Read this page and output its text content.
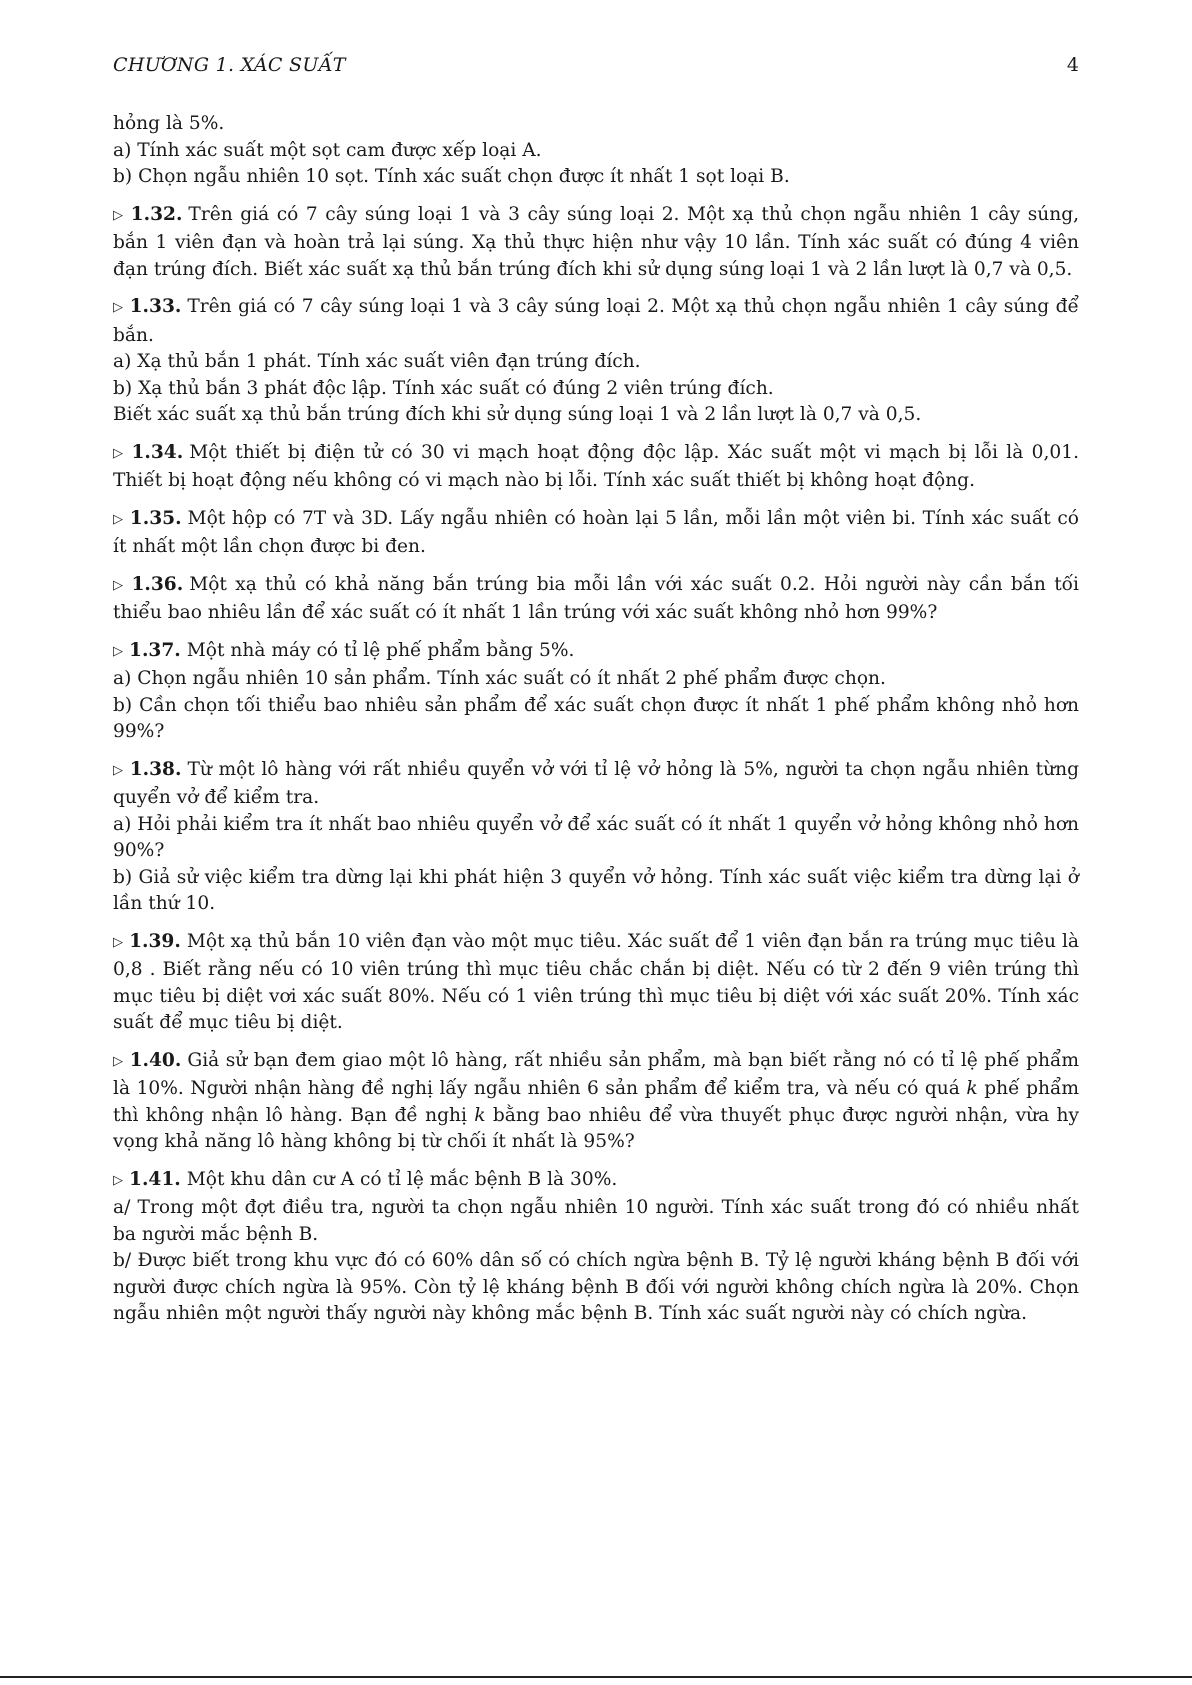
CHƯƠNG 1. XÁC SUẤT	4
hỏng là 5%.
a) Tính xác suất một sọt cam được xếp loại A.
b) Chọn ngẫu nhiên 10 sọt. Tính xác suất chọn được ít nhất 1 sọt loại B.
▷ 1.32. Trên giá có 7 cây súng loại 1 và 3 cây súng loại 2. Một xạ thủ chọn ngẫu nhiên 1 cây súng, bắn 1 viên đạn và hoàn trả lại súng. Xạ thủ thực hiện như vậy 10 lần. Tính xác suất có đúng 4 viên đạn trúng đích. Biết xác suất xạ thủ bắn trúng đích khi sử dụng súng loại 1 và 2 lần lượt là 0,7 và 0,5.
▷ 1.33. Trên giá có 7 cây súng loại 1 và 3 cây súng loại 2. Một xạ thủ chọn ngẫu nhiên 1 cây súng để bắn.
a) Xạ thủ bắn 1 phát. Tính xác suất viên đạn trúng đích.
b) Xạ thủ bắn 3 phát độc lập. Tính xác suất có đúng 2 viên trúng đích.
Biết xác suất xạ thủ bắn trúng đích khi sử dụng súng loại 1 và 2 lần lượt là 0,7 và 0,5.
▷ 1.34. Một thiết bị điện tử có 30 vi mạch hoạt động độc lập. Xác suất một vi mạch bị lỗi là 0,01. Thiết bị hoạt động nếu không có vi mạch nào bị lỗi. Tính xác suất thiết bị không hoạt động.
▷ 1.35. Một hộp có 7T và 3D. Lấy ngẫu nhiên có hoàn lại 5 lần, mỗi lần một viên bi. Tính xác suất có ít nhất một lần chọn được bi đen.
▷ 1.36. Một xạ thủ có khả năng bắn trúng bia mỗi lần với xác suất 0.2. Hỏi người này cần bắn tối thiểu bao nhiêu lần để xác suất có ít nhất 1 lần trúng với xác suất không nhỏ hơn 99%?
▷ 1.37. Một nhà máy có tỉ lệ phế phẩm bằng 5%.
a) Chọn ngẫu nhiên 10 sản phẩm. Tính xác suất có ít nhất 2 phế phẩm được chọn.
b) Cần chọn tối thiểu bao nhiêu sản phẩm để xác suất chọn được ít nhất 1 phế phẩm không nhỏ hơn 99%?
▷ 1.38. Từ một lô hàng với rất nhiều quyển vở với tỉ lệ vở hỏng là 5%, người ta chọn ngẫu nhiên từng quyển vở để kiểm tra.
a) Hỏi phải kiểm tra ít nhất bao nhiêu quyển vở để xác suất có ít nhất 1 quyển vở hỏng không nhỏ hơn 90%?
b) Giả sử việc kiểm tra dừng lại khi phát hiện 3 quyển vở hỏng. Tính xác suất việc kiểm tra dừng lại ở lần thứ 10.
▷ 1.39. Một xạ thủ bắn 10 viên đạn vào một mục tiêu. Xác suất để 1 viên đạn bắn ra trúng mục tiêu là 0,8 . Biết rằng nếu có 10 viên trúng thì mục tiêu chắc chắn bị diệt. Nếu có từ 2 đến 9 viên trúng thì mục tiêu bị diệt vơi xác suất 80%. Nếu có 1 viên trúng thì mục tiêu bị diệt với xác suất 20%. Tính xác suất để mục tiêu bị diệt.
▷ 1.40. Giả sử bạn đem giao một lô hàng, rất nhiều sản phẩm, mà bạn biết rằng nó có tỉ lệ phế phẩm là 10%. Người nhận hàng đề nghị lấy ngẫu nhiên 6 sản phẩm để kiểm tra, và nếu có quá k phế phẩm thì không nhận lô hàng. Bạn đề nghị k bằng bao nhiêu để vừa thuyết phục được người nhận, vừa hy vọng khả năng lô hàng không bị từ chối ít nhất là 95%?
▷ 1.41. Một khu dân cư A có tỉ lệ mắc bệnh B là 30%.
a/ Trong một đợt điều tra, người ta chọn ngẫu nhiên 10 người. Tính xác suất trong đó có nhiều nhất ba người mắc bệnh B.
b/ Được biết trong khu vực đó có 60% dân số có chích ngừa bệnh B. Tỷ lệ người kháng bệnh B đối với người được chích ngừa là 95%. Còn tỷ lệ kháng bệnh B đối với người không chích ngừa là 20%. Chọn ngẫu nhiên một người thấy người này không mắc bệnh B. Tính xác suất người này có chích ngừa.
